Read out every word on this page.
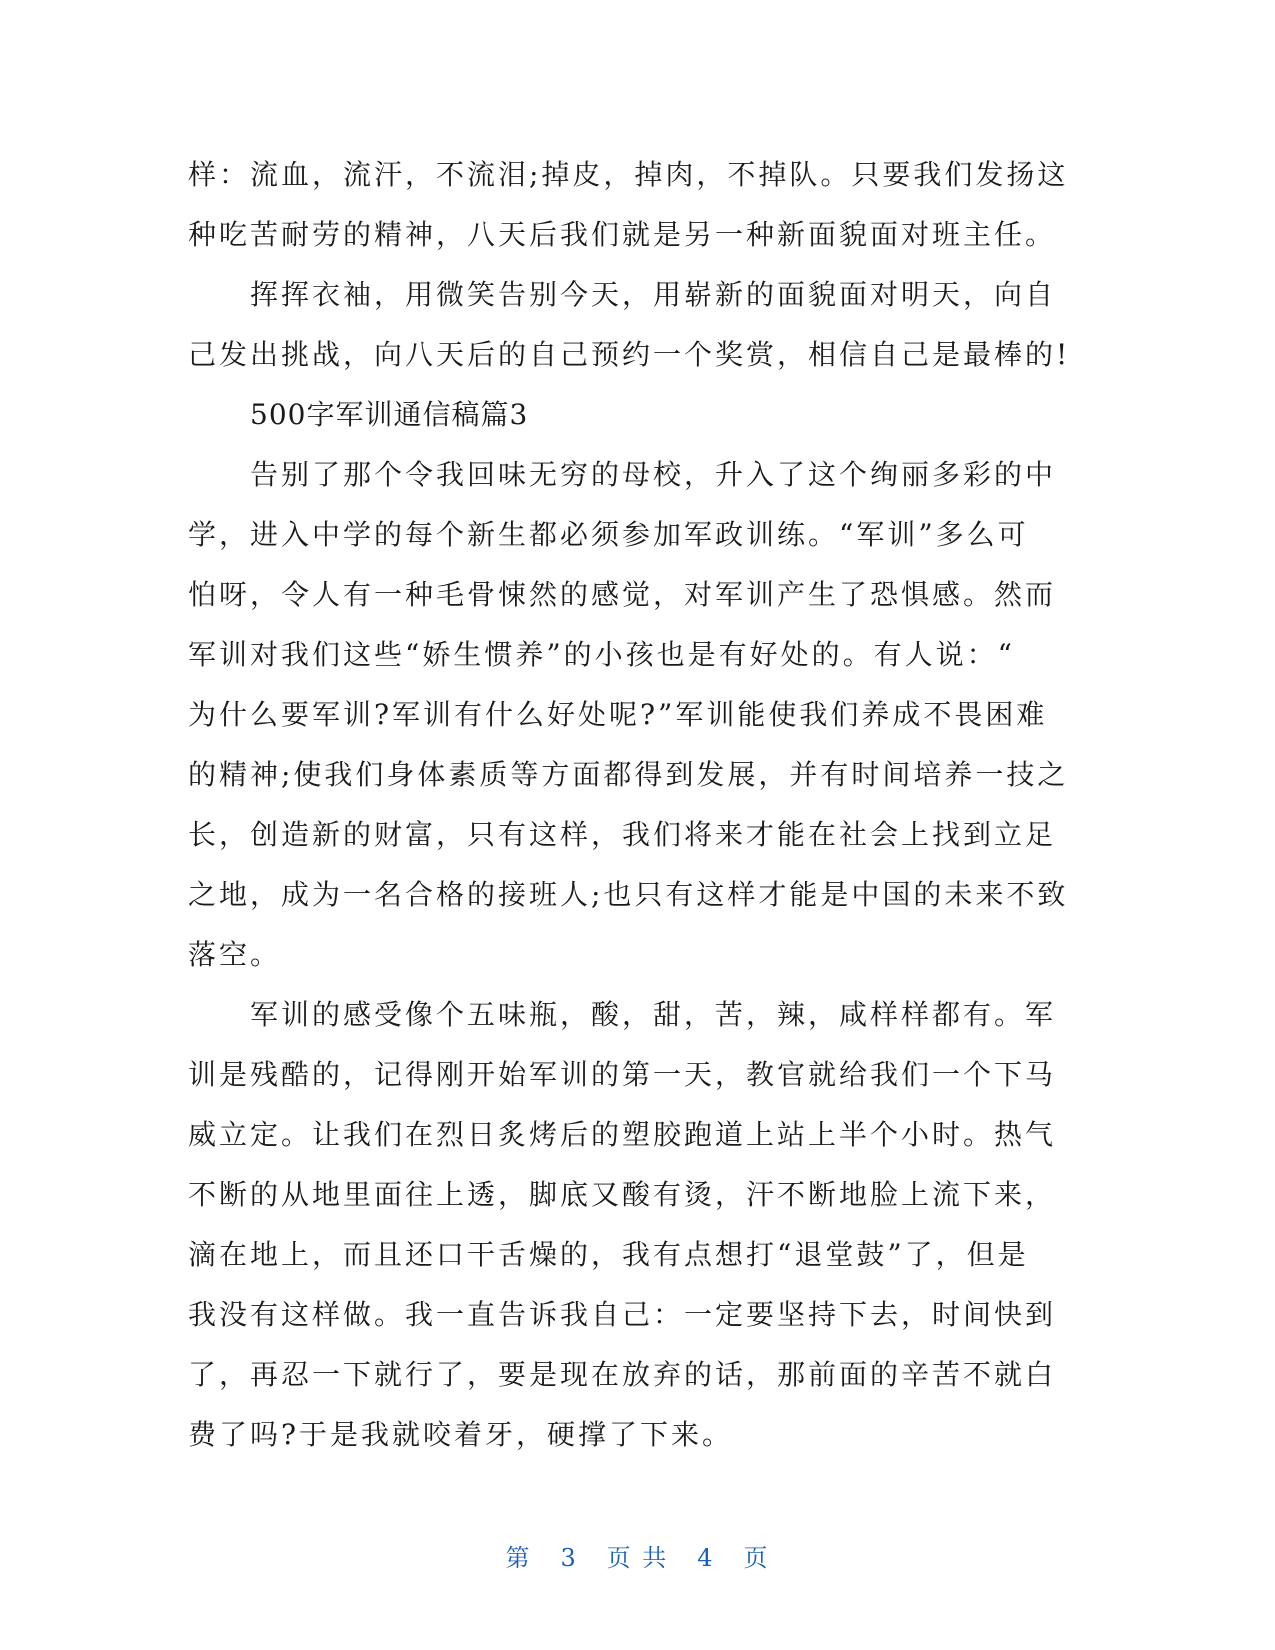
样：流血，流汗，不流泪;掉皮，掉肉，不掉队。只要我们发扬这
种吃苦耐劳的精神，八天后我们就是另一种新面貌面对班主任。
挥挥衣袖，用微笑告别今天，用崭新的面貌面对明天，向自
己发出挑战，向八天后的自己预约一个奖赏，相信自己是最棒的!
500字军训通信稿篇3
告别了那个令我回味无穷的母校，升入了这个绚丽多彩的中
学，进入中学的每个新生都必须参加军政训练。“军训”多么可
怕呀，令人有一种毛骨悚然的感觉，对军训产生了恐惧感。然而
军训对我们这些“娇生惯养”的小孩也是有好处的。有人说：“
为什么要军训?军训有什么好处呢?”军训能使我们养成不畏困难
的精神;使我们身体素质等方面都得到发展，并有时间培养一技之
长，创造新的财富，只有这样，我们将来才能在社会上找到立足
之地，成为一名合格的接班人;也只有这样才能是中国的未来不致
落空。
军训的感受像个五味瓶，酸，甜，苦，辣，咸样样都有。军
训是残酷的，记得刚开始军训的第一天，教官就给我们一个下马
威立定。让我们在烈日炙烤后的塑胶跑道上站上半个小时。热气
不断的从地里面往上透，脚底又酸有烫，汗不断地脸上流下来，
滴在地上，而且还口干舌燥的，我有点想打“退堂鼓”了，但是
我没有这样做。我一直告诉我自己：一定要坚持下去，时间快到
了，再忍一下就行了，要是现在放弃的话，那前面的辛苦不就白
费了吗?于是我就咬着牙，硬撑了下来。
第 3 页 共 4 页
